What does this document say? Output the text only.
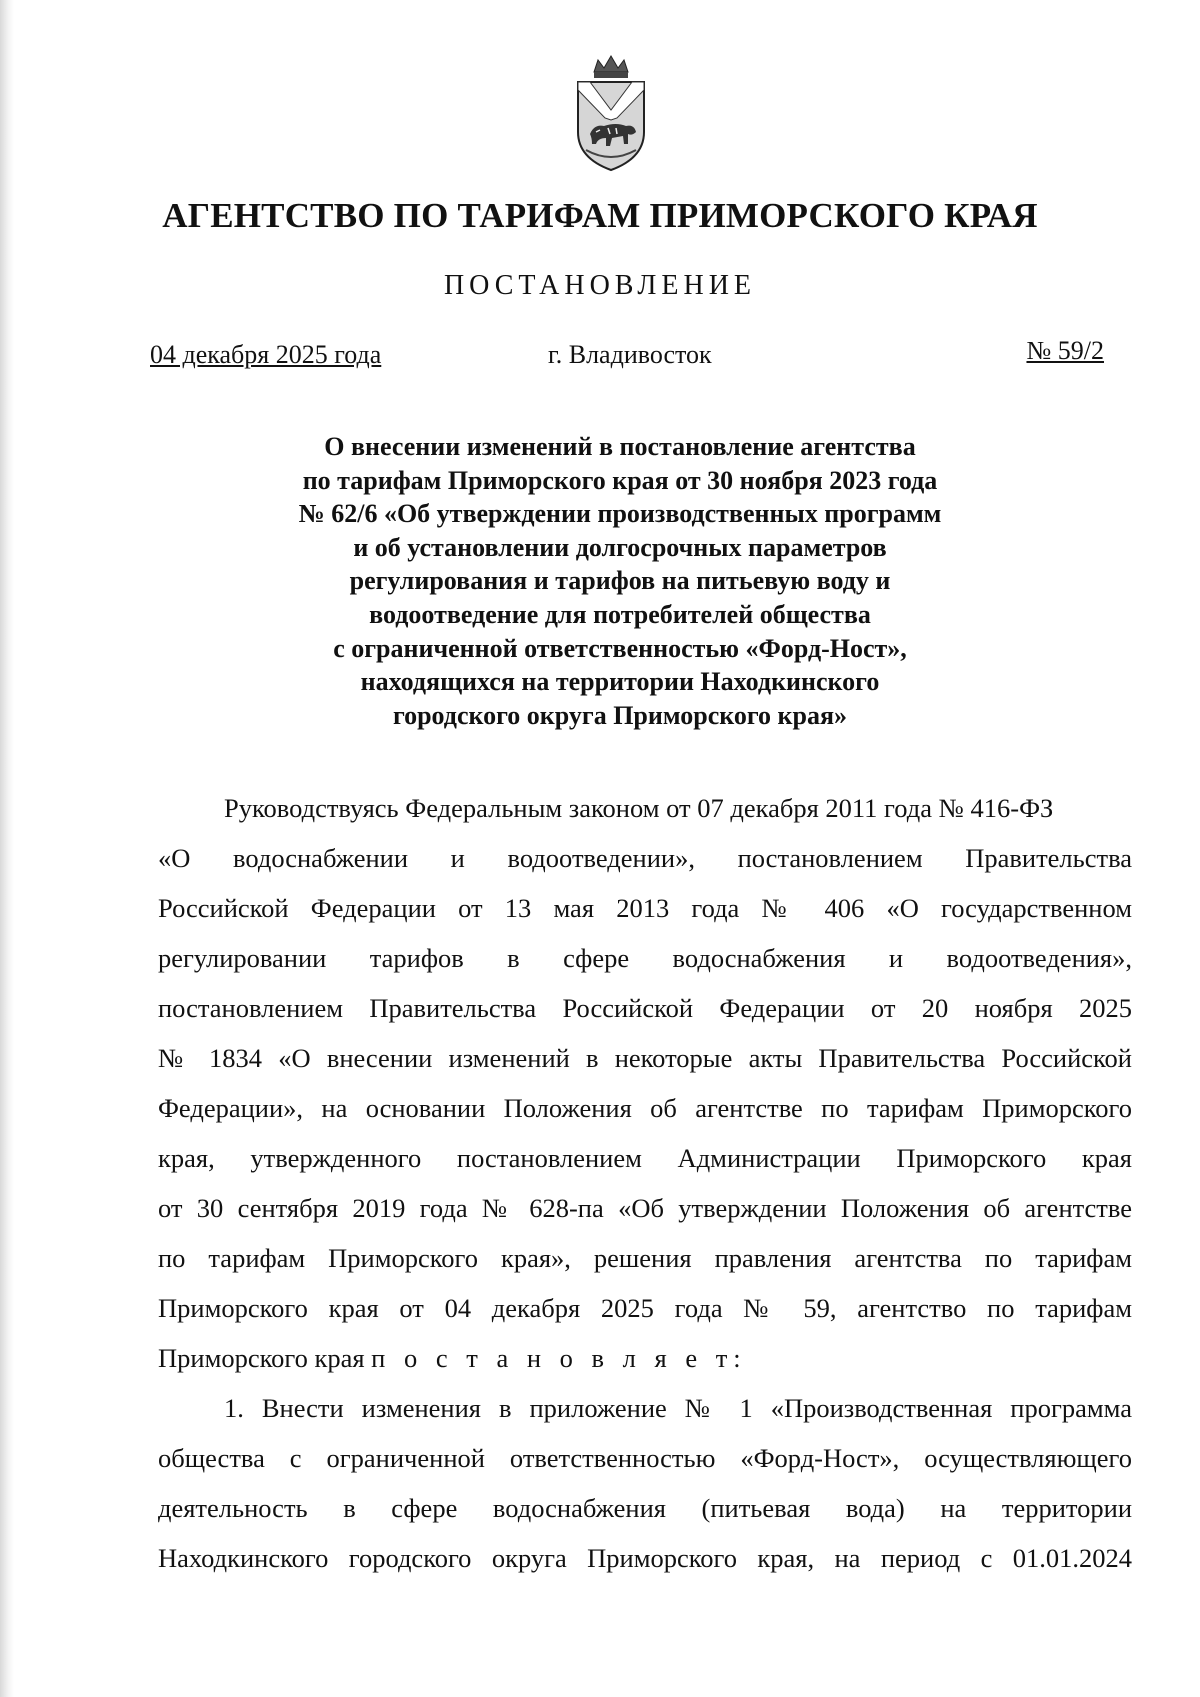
АГЕНТСТВО ПО ТАРИФАМ ПРИМОРСКОГО КРАЯ
ПОСТАНОВЛЕНИЕ
04 декабря 2025 года	г. Владивосток	№ 59/2
О внесении изменений в постановление агентства
по тарифам Приморского края от 30 ноября 2023 года
№ 62/6 «Об утверждении производственных программ
и об установлении долгосрочных параметров
регулирования и тарифов на питьевую воду и
водоотведение для потребителей общества
с ограниченной ответственностью «Форд-Ност»,
находящихся на территории Находкинского
городского округа Приморского края»
Руководствуясь Федеральным законом от 07 декабря 2011 года № 416-ФЗ
«О водоснабжении и водоотведении», постановлением Правительства
Российской Федерации от 13 мая 2013 года № 406 «О государственном
регулировании тарифов в сфере водоснабжения и водоотведения»,
постановлением Правительства Российской Федерации от 20 ноября 2025
№ 1834 «О внесении изменений в некоторые акты Правительства Российской
Федерации», на основании Положения об агентстве по тарифам Приморского
края, утвержденного постановлением Администрации Приморского края
от 30 сентября 2019 года № 628-па «Об утверждении Положения об агентстве
по тарифам Приморского края», решения правления агентства по тарифам
Приморского края от 04 декабря 2025 года № 59, агентство по тарифам
Приморского края п о с т а н о в л я е т:
1. Внести изменения в приложение № 1 «Производственная программа
общества с ограниченной ответственностью «Форд-Ност», осуществляющего
деятельность в сфере водоснабжения (питьевая вода) на территории
Находкинского городского округа Приморского края, на период с 01.01.2024
